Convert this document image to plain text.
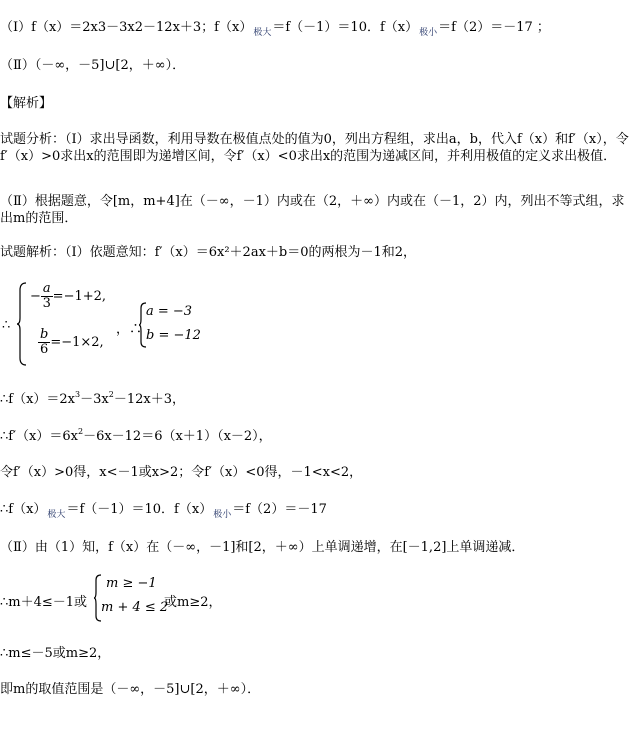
（Ⅰ）f（x）＝2x3－3x2－12x＋3；$f(x)_{极大}=f(-1)=10$．$f(x)_{极小}=f(2)=-17$ ；
（Ⅱ）（－∞，－5]∪[2，＋∞）．
【解析】
试题分析：（Ⅰ）求出导函数，利用导数在极值点处的值为0，列出方程组，求出a，b，代入f（x）和f′（x），令f′（x）>0求出x的范围即为递增区间，令f′（x）<0求出x的范围为递减区间，并利用极值的定义求出极值．
（Ⅱ）根据题意，令[m，m+4]在（－∞，－1）内或在（2，＋∞）内或在（－1，2）内，列出不等式组，求出m的范围．
试题解析：（Ⅰ）依题意知：f′（x）＝6x²＋2ax＋b＝0的两根为－1和2，
∴
− $\frac{a}{3} =-1+2$,
$\frac{b}{6} =-1\times 2$,
，∴
a = −3
b = −12
$\therefore f(x)=2x^3-3x^2-12x+3$，
$\therefore f'(x)=6x^2-6x-12=6(x+1)(x-2)$，
令f′（x）>0得，x<－1或x>2；令f′（x）<0得，－1<x<2，
$\therefore f(x)_{极大}=f(-1)=10$．$f(x)_{极小}=f(2)=-17$
（Ⅱ）由（1）知，f（x）在（－∞，－1]和[2，＋∞）上单调递增，在[－1,2]上单调递减．
∴m＋4≤－1或
m ≥ −1
m + 4 ≤ 2
或m≥2，
∴m≤－5或m≥2，
即m的取值范围是（－∞，－5]∪[2，＋∞）．
